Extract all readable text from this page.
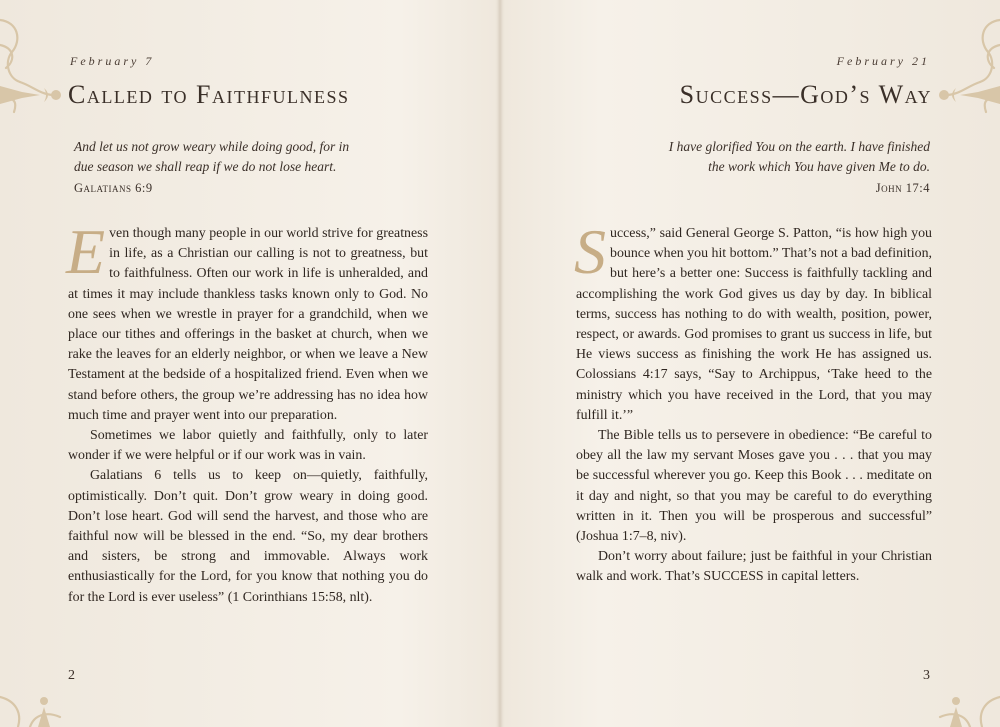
February 7
Called to Faithfulness
And let us not grow weary while doing good, for in
due season we shall reap if we do not lose heart.
Galatians 6:9

Even though many people in our world strive for greatness in life, as a Christian our calling is not to greatness, but to faithfulness. Often our work in life is unheralded, and at times it may include thankless tasks known only to God. No one sees when we wrestle in prayer for a grandchild, when we place our tithes and offerings in the basket at church, when we rake the leaves for an elderly neighbor, or when we leave a New Testament at the bedside of a hospitalized friend. Even when we stand before others, the group we’re addressing has no idea how much time and prayer went into our preparation.

Sometimes we labor quietly and faithfully, only to later wonder if we were helpful or if our work was in vain.

Galatians 6 tells us to keep on—quietly, faithfully, optimistically. Don’t quit. Don’t grow weary in doing good. Don’t lose heart. God will send the harvest, and those who are faithful now will be blessed in the end. “So, my dear brothers and sisters, be strong and immovable. Always work enthusiastically for the Lord, for you know that nothing you do for the Lord is ever useless” (1 Corinthians 15:58, nlt).

2
February 21
Success—God’s Way
I have glorified You on the earth. I have finished
the work which You have given Me to do.
John 17:4

Success,” said General George S. Patton, “is how high you bounce when you hit bottom.” That’s not a bad definition, but here’s a better one: Success is faithfully tackling and accomplishing the work God gives us day by day. In biblical terms, success has nothing to do with wealth, position, power, respect, or awards. God promises to grant us success in life, but He views success as finishing the work He has assigned us. Colossians 4:17 says, “Say to Archippus, ‘Take heed to the ministry which you have received in the Lord, that you may fulfill it.’”

The Bible tells us to persevere in obedience: “Be careful to obey all the law my servant Moses gave you . . . that you may be successful wherever you go. Keep this Book . . . meditate on it day and night, so that you may be careful to do everything written in it. Then you will be prosperous and successful” (Joshua 1:7–8, niv).

Don’t worry about failure; just be faithful in your Christian walk and work. That’s SUCCESS in capital letters.

3
